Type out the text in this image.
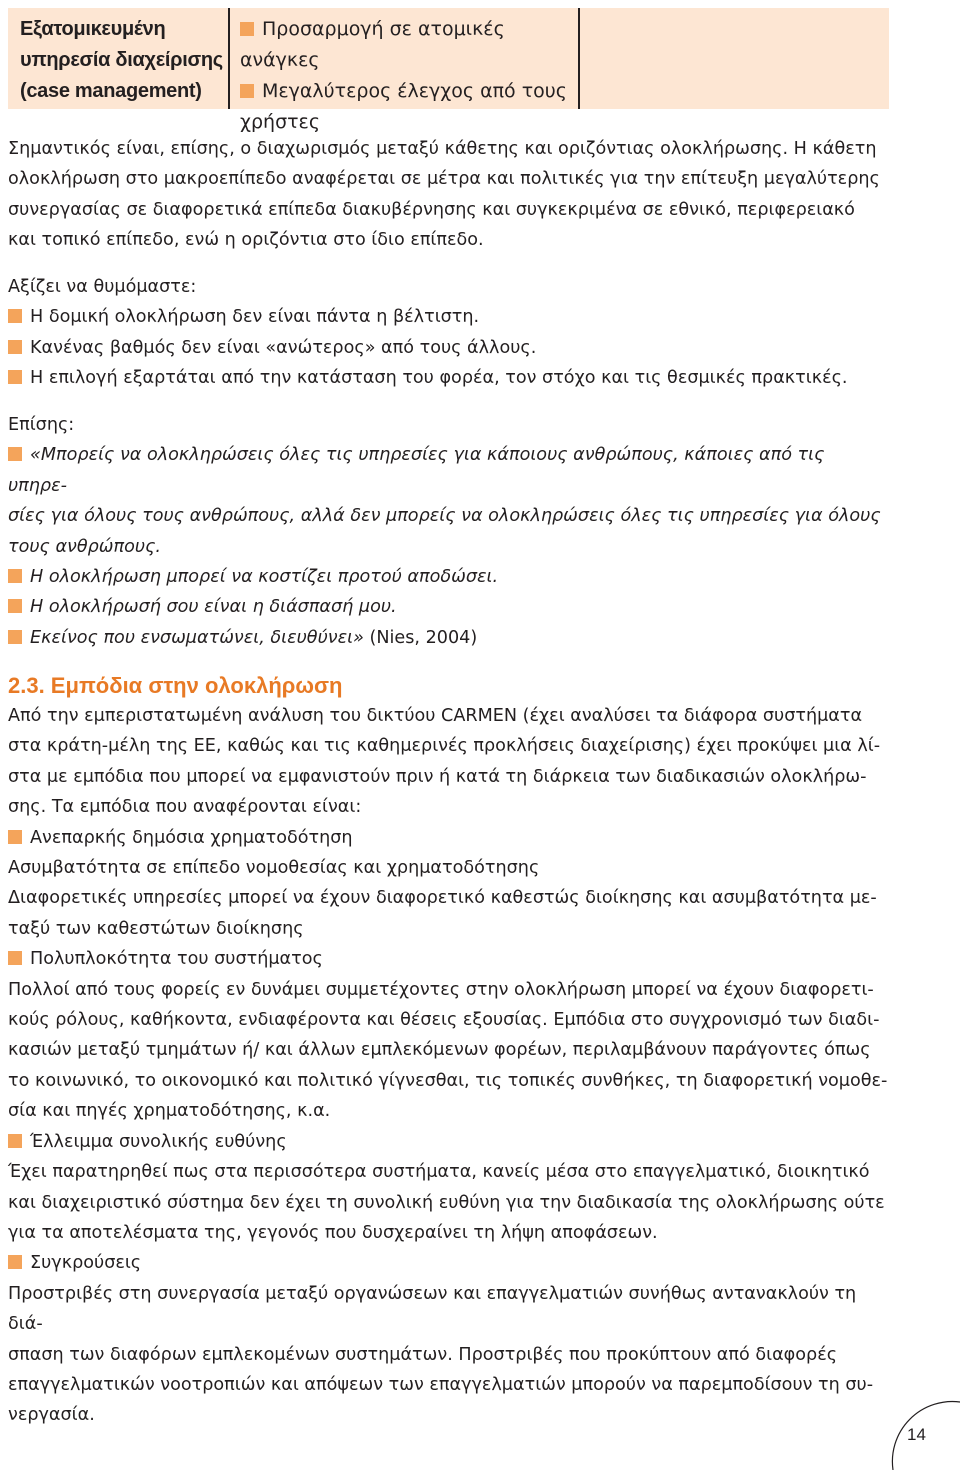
Εξατομικευμένη
υπηρεσία διαχείρισης
(case management)
Προσαρμογή σε ατομικές ανάγκες
Μεγαλύτερος έλεγχος από τους
χρήστες
Σημαντικός είναι, επίσης, ο διαχωρισμός μεταξύ κάθετης και οριζόντιας ολοκλήρωσης. Η κάθετη
ολοκλήρωση στο μακροεπίπεδο αναφέρεται σε μέτρα και πολιτικές για την επίτευξη μεγαλύτερης
συνεργασίας σε διαφορετικά επίπεδα διακυβέρνησης και συγκεκριμένα σε εθνικό, περιφερειακό
και τοπικό επίπεδο, ενώ η οριζόντια στο ίδιο επίπεδο.
Αξίζει να θυμόμαστε:
Η δομική ολοκλήρωση δεν είναι πάντα η βέλτιστη.
Κανένας βαθμός δεν είναι «ανώτερος» από τους άλλους.
Η επιλογή εξαρτάται από την κατάσταση του φορέα, τον στόχο και τις θεσμικές πρακτικές.
Επίσης:
«Μπορείς να ολοκληρώσεις όλες τις υπηρεσίες για κάποιους ανθρώπους, κάποιες από τις υπηρε-
σίες για όλους τους ανθρώπους, αλλά δεν μπορείς να ολοκληρώσεις όλες τις υπηρεσίες για όλους
τους ανθρώπους.
Η ολοκλήρωση μπορεί να κοστίζει προτού αποδώσει.
Η ολοκλήρωσή σου είναι η διάσπασή μου.
Εκείνος που ενσωματώνει, διευθύνει» (Nies, 2004)
2.3. Εμπόδια στην ολοκλήρωση
Από την εμπεριστατωμένη ανάλυση του δικτύου CARMEN (έχει αναλύσει τα διάφορα συστήματα
στα κράτη-μέλη της ΕΕ, καθώς και τις καθημερινές προκλήσεις διαχείρισης) έχει προκύψει μια λί-
στα με εμπόδια που μπορεί να εμφανιστούν πριν ή κατά τη διάρκεια των διαδικασιών ολοκλήρω-
σης. Τα εμπόδια που αναφέρονται είναι:
Ανεπαρκής δημόσια χρηματοδότηση
Ασυμβατότητα σε επίπεδο νομοθεσίας και χρηματοδότησης
Διαφορετικές υπηρεσίες μπορεί να έχουν διαφορετικό καθεστώς διοίκησης και ασυμβατότητα με-
ταξύ των καθεστώτων διοίκησης
Πολυπλοκότητα του συστήματος
Πολλοί από τους φορείς εν δυνάμει συμμετέχοντες στην ολοκλήρωση μπορεί να έχουν διαφορετι-
κούς ρόλους, καθήκοντα, ενδιαφέροντα και θέσεις εξουσίας. Εμπόδια στο συγχρονισμό των διαδι-
κασιών μεταξύ τμημάτων ή/ και άλλων εμπλεκόμενων φορέων, περιλαμβάνουν παράγοντες όπως
το κοινωνικό, το οικονομικό και πολιτικό γίγνεσθαι, τις τοπικές συνθήκες, τη διαφορετική νομοθε-
σία και πηγές χρηματοδότησης, κ.α.
Έλλειμμα συνολικής ευθύνης
Έχει παρατηρηθεί πως στα περισσότερα συστήματα, κανείς μέσα στο επαγγελματικό, διοικητικό
και διαχειριστικό σύστημα δεν έχει τη συνολική ευθύνη για την διαδικασία της ολοκλήρωσης ούτε
για τα αποτελέσματα της, γεγονός που δυσχεραίνει τη λήψη αποφάσεων.
Συγκρούσεις
Προστριβές στη συνεργασία μεταξύ οργανώσεων και επαγγελματιών συνήθως αντανακλούν τη διά-
σπαση των διαφόρων εμπλεκομένων συστημάτων. Προστριβές που προκύπτουν από διαφορές
επαγγελματικών νοοτροπιών και απόψεων των επαγγελματιών μπορούν να παρεμποδίσουν τη συ-
νεργασία.
14
